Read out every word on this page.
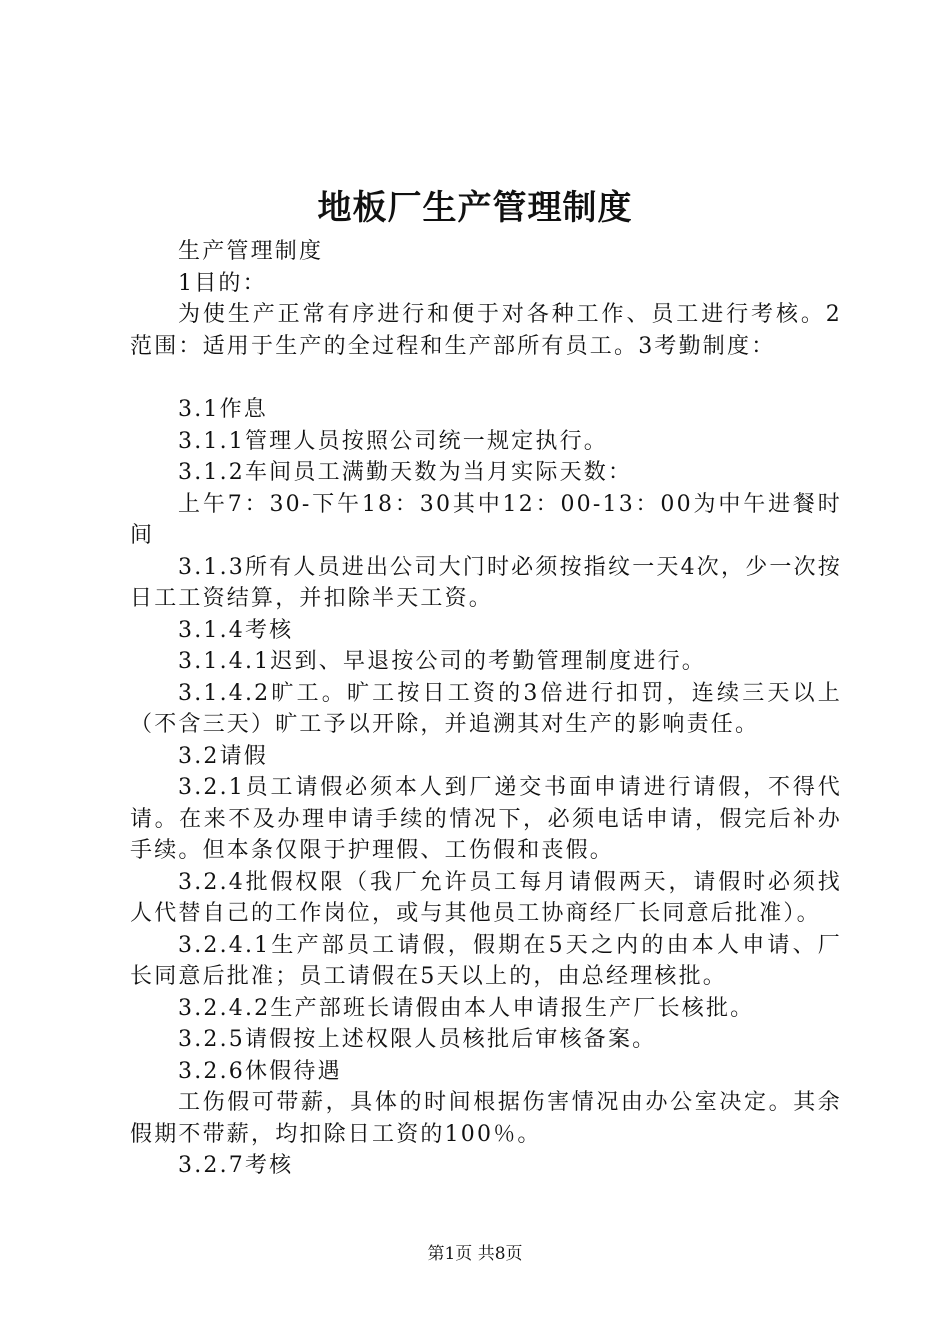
地板厂生产管理制度

生产管理制度

1目的：

为使生产正常有序进行和便于对各种工作、员工进行考核。2范围：适用于生产的全过程和生产部所有员工。3考勤制度：

3.1作息

3.1.1管理人员按照公司统一规定执行。

3.1.2车间员工满勤天数为当月实际天数：

上午7：30-下午18：30其中12：00-13：00为中午进餐时间

3.1.3所有人员进出公司大门时必须按指纹一天4次，少一次按日工工资结算，并扣除半天工资。

3.1.4考核

3.1.4.1迟到、早退按公司的考勤管理制度进行。

3.1.4.2旷工。旷工按日工资的3倍进行扣罚，连续三天以上（不含三天）旷工予以开除，并追溯其对生产的影响责任。

3.2请假

3.2.1员工请假必须本人到厂递交书面申请进行请假，不得代请。在来不及办理申请手续的情况下，必须电话申请，假完后补办手续。但本条仅限于护理假、工伤假和丧假。

3.2.4批假权限（我厂允许员工每月请假两天，请假时必须找人代替自己的工作岗位，或与其他员工协商经厂长同意后批准）。

3.2.4.1生产部员工请假，假期在5天之内的由本人申请、厂长同意后批准；员工请假在5天以上的，由总经理核批。

3.2.4.2生产部班长请假由本人申请报生产厂长核批。

3.2.5请假按上述权限人员核批后审核备案。

3.2.6休假待遇

工伤假可带薪，具体的时间根据伤害情况由办公室决定。其余假期不带薪，均扣除日工资的100％。

3.2.7考核

第1页 共8页
